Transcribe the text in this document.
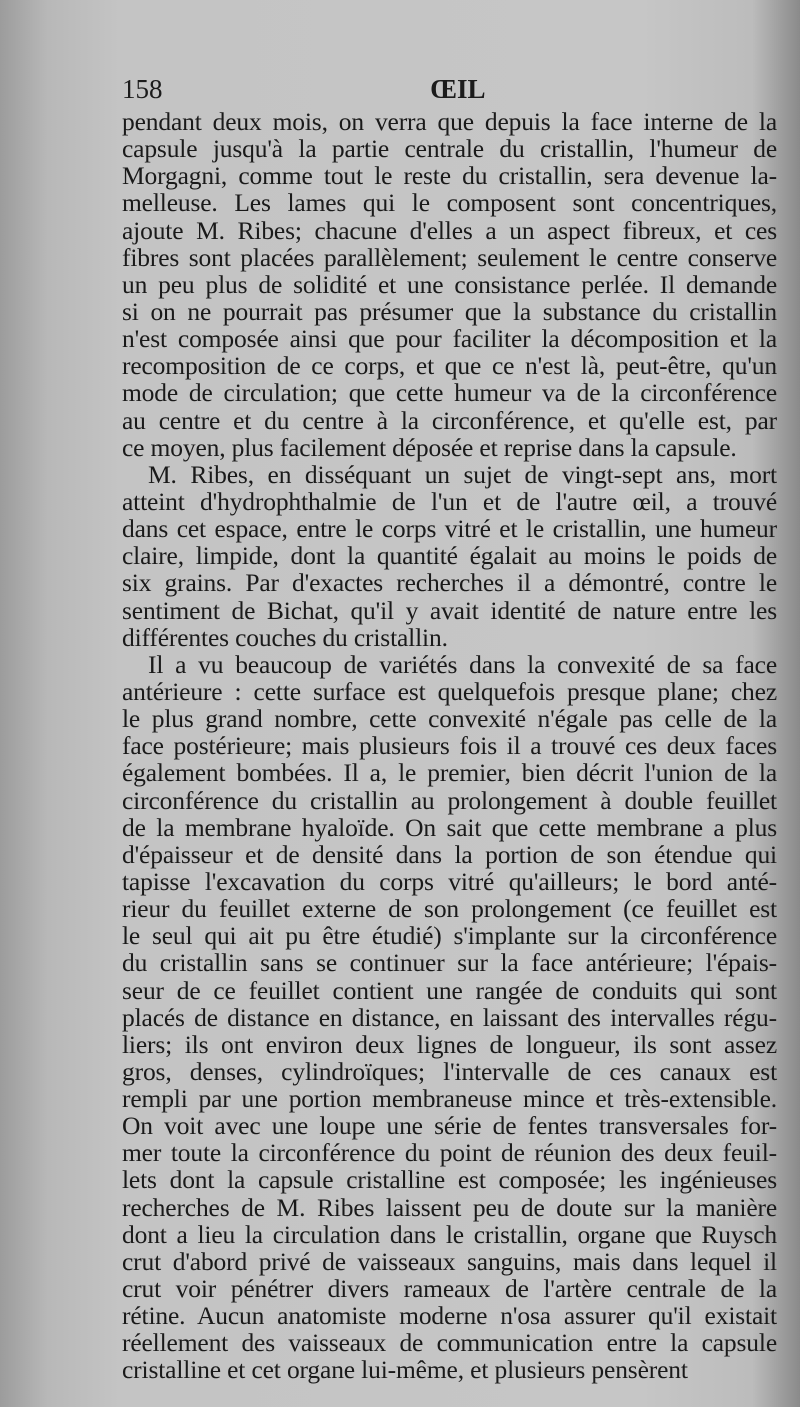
158	ŒIL
pendant deux mois, on verra que depuis la face interne de la
capsule jusqu'à la partie centrale du cristallin, l'humeur de
Morgagni, comme tout le reste du cristallin, sera devenue la-
melleuse. Les lames qui le composent sont concentriques,
ajoute M. Ribes; chacune d'elles a un aspect fibreux, et ces
fibres sont placées parallèlement; seulement le centre conserve
un peu plus de solidité et une consistance perlée. Il demande
si on ne pourrait pas présumer que la substance du cristallin
n'est composée ainsi que pour faciliter la décomposition et la
recomposition de ce corps, et que ce n'est là, peut-être, qu'un
mode de circulation; que cette humeur va de la circonférence
au centre et du centre à la circonférence, et qu'elle est, par
ce moyen, plus facilement déposée et reprise dans la capsule.
M. Ribes, en disséquant un sujet de vingt-sept ans, mort
atteint d'hydrophthalmie de l'un et de l'autre œil, a trouvé
dans cet espace, entre le corps vitré et le cristallin, une humeur
claire, limpide, dont la quantité égalait au moins le poids de
six grains. Par d'exactes recherches il a démontré, contre le
sentiment de Bichat, qu'il y avait identité de nature entre les
différentes couches du cristallin.
Il a vu beaucoup de variétés dans la convexité de sa face
antérieure : cette surface est quelquefois presque plane; chez
le plus grand nombre, cette convexité n'égale pas celle de la
face postérieure; mais plusieurs fois il a trouvé ces deux faces
également bombées. Il a, le premier, bien décrit l'union de la
circonférence du cristallin au prolongement à double feuillet
de la membrane hyaloïde. On sait que cette membrane a plus
d'épaisseur et de densité dans la portion de son étendue qui
tapisse l'excavation du corps vitré qu'ailleurs; le bord anté-
rieur du feuillet externe de son prolongement (ce feuillet est
le seul qui ait pu être étudié) s'implante sur la circonférence
du cristallin sans se continuer sur la face antérieure; l'épais-
seur de ce feuillet contient une rangée de conduits qui sont
placés de distance en distance, en laissant des intervalles régu-
liers; ils ont environ deux lignes de longueur, ils sont assez
gros, denses, cylindroïques; l'intervalle de ces canaux est
rempli par une portion membraneuse mince et très-extensible.
On voit avec une loupe une série de fentes transversales for-
mer toute la circonférence du point de réunion des deux feuil-
lets dont la capsule cristalline est composée; les ingénieuses
recherches de M. Ribes laissent peu de doute sur la manière
dont a lieu la circulation dans le cristallin, organe que Ruysch
crut d'abord privé de vaisseaux sanguins, mais dans lequel il
crut voir pénétrer divers rameaux de l'artère centrale de la
rétine. Aucun anatomiste moderne n'osa assurer qu'il existait
réellement des vaisseaux de communication entre la capsule
cristalline et cet organe lui-même, et plusieurs pensèrent
